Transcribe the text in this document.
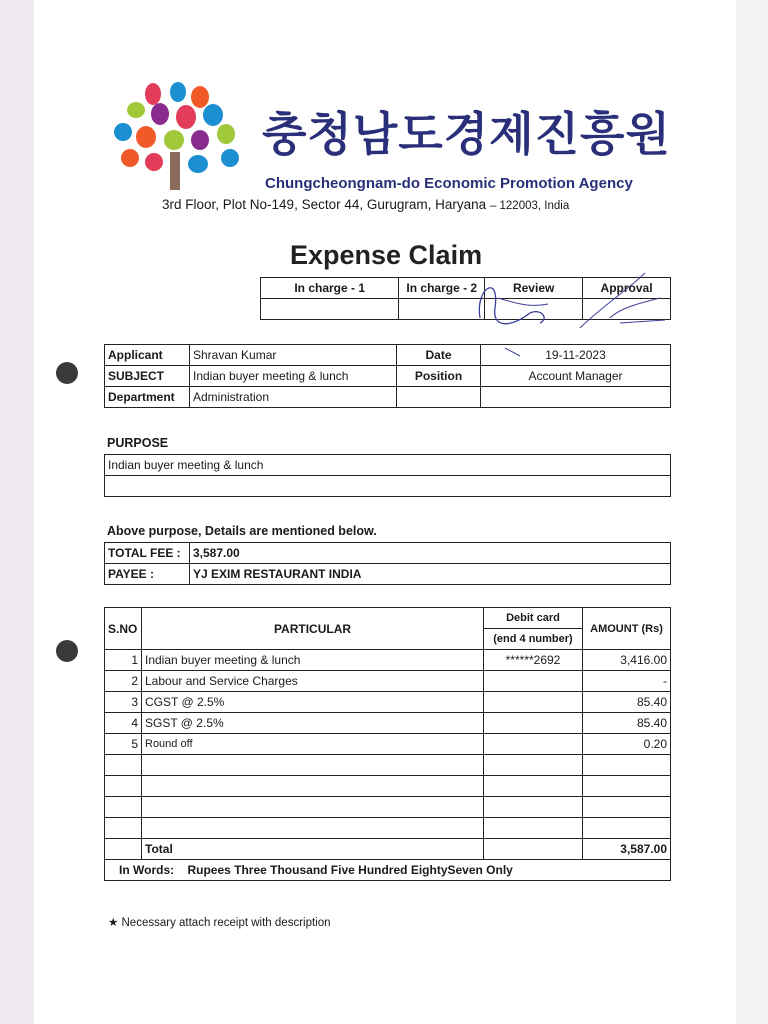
충청남도경제진흥원
Chungcheongnam-do Economic Promotion Agency
3rd Floor, Plot No-149, Sector 44, Gurugram, Haryana – 122003, India
Expense Claim
In charge - 1	In charge - 2	Review	Approval

Applicant	Shravan Kumar	Date	19-11-2023
SUBJECT	Indian buyer meeting & lunch	Position	Account Manager
Department	Administration		
PURPOSE
Indian buyer meeting & lunch

Above purpose, Details are mentioned below.
TOTAL FEE :	3,587.00
PAYEE :	YJ EXIM RESTAURANT INDIA
S.NO	PARTICULAR	Debit card	AMOUNT (Rs)
		(end 4 number)	
1	Indian buyer meeting & lunch	******2692	3,416.00
2	Labour and Service Charges		-
3	CGST @ 2.5%		85.40
4	SGST @ 2.5%		85.40
5	Round off		0.20

	Total		3,587.00
In Words: Rupees Three Thousand Five Hundred EightySeven Only			
★ Necessary attach receipt with description
